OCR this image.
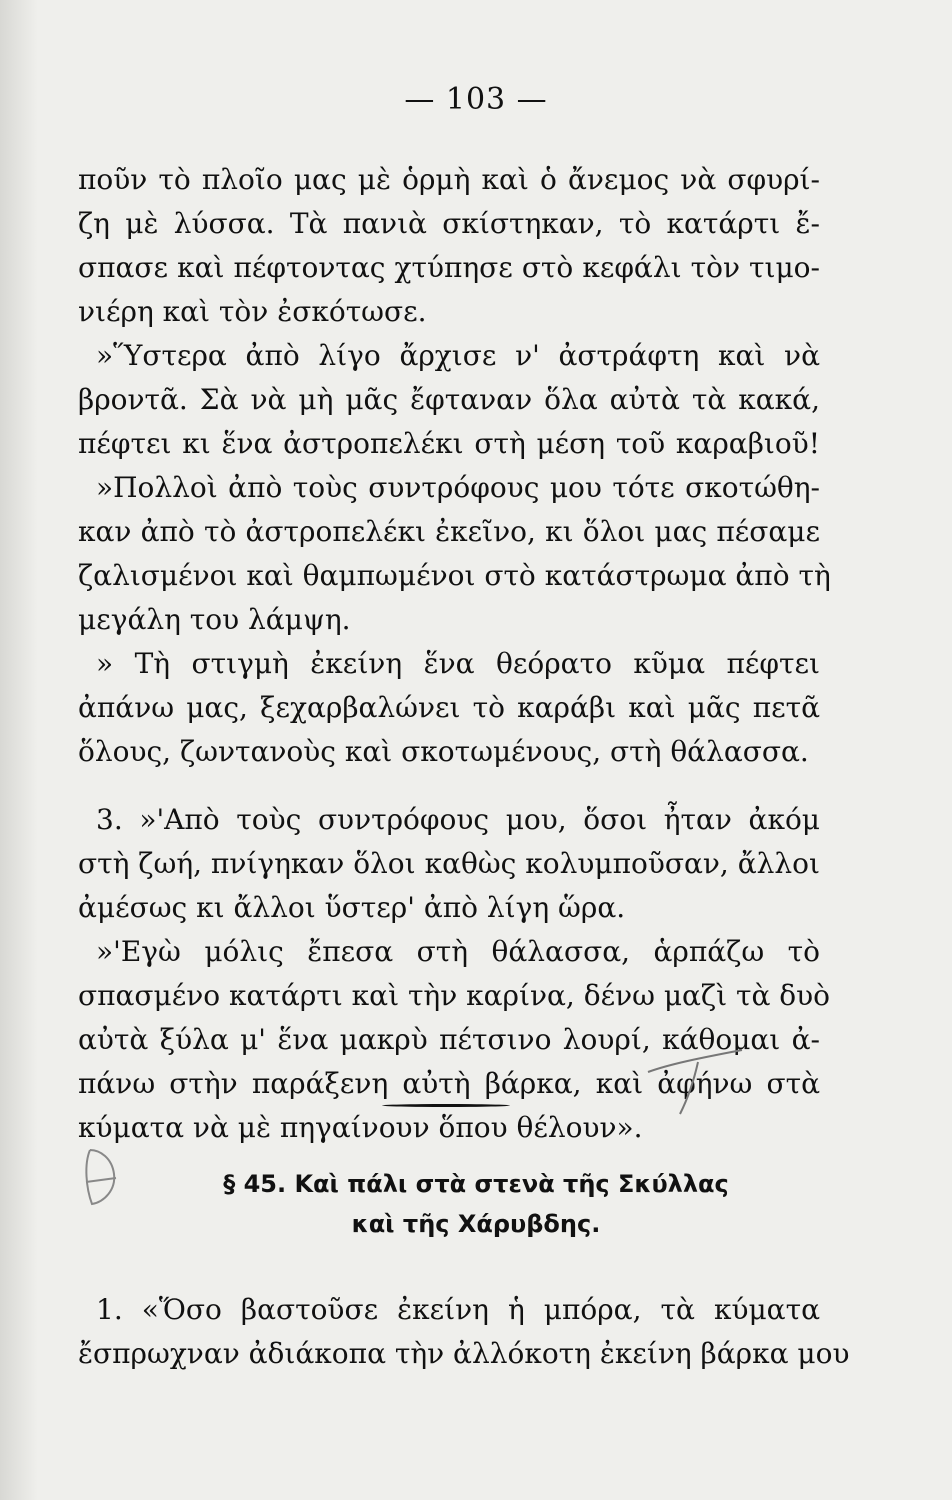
— 103 —
ποῦν τὸ πλοῖο μας μὲ ὁρμὴ καὶ ὁ ἄνεμος νὰ σφυρί-
ζη μὲ λύσσα. Τὰ πανιὰ σκίστηκαν, τὸ κατάρτι ἔ-
σπασε καὶ πέφτοντας χτύπησε στὸ κεφάλι τὸν τιμο-
νιέρη καὶ τὸν ἐσκότωσε.
»Ὕστερα ἀπὸ λίγο ἄρχισε ν' ἀστράφτη καὶ νὰ
βροντᾶ. Σὰ νὰ μὴ μᾶς ἔφταναν ὅλα αὐτὰ τὰ κακά,
πέφτει κι ἕνα ἀστροπελέκι στὴ μέση τοῦ καραβιοῦ!
»Πολλοὶ ἀπὸ τοὺς συντρόφους μου τότε σκοτώθη-
καν ἀπὸ τὸ ἀστροπελέκι ἐκεῖνο, κι ὅλοι μας πέσαμε
ζαλισμένοι καὶ θαμπωμένοι στὸ κατάστρωμα ἀπὸ τὴ
μεγάλη του λάμψη.
» Τὴ στιγμὴ ἐκείνη ἕνα θεόρατο κῦμα πέφτει
ἀπάνω μας, ξεχαρβαλώνει τὸ καράβι καὶ μᾶς πετᾶ
ὅλους, ζωντανοὺς καὶ σκοτωμένους, στὴ θάλασσα.
3. »'Απὸ τοὺς συντρόφους μου, ὅσοι ἦταν ἀκόμ
στὴ ζωή, πνίγηκαν ὅλοι καθὼς κολυμποῦσαν, ἄλλοι
ἀμέσως κι ἄλλοι ὕστερ' ἀπὸ λίγη ὥρα.
»'Εγὼ μόλις ἔπεσα στὴ θάλασσα, ἁρπάζω τὸ
σπασμένο κατάρτι καὶ τὴν καρίνα, δένω μαζὶ τὰ δυὸ
αὐτὰ ξύλα μ' ἕνα μακρὺ πέτσινο λουρί, κάθομαι ἀ-
πάνω στὴν παράξενη αὐτὴ βάρκα, καὶ ἀφήνω στὰ
κύματα νὰ μὲ πηγαίνουν ὅπου θέλουν».
§ 45. Καὶ πάλι στὰ στενὰ τῆς Σκύλλας
καὶ τῆς Χάρυβδης.
1. «Ὅσο βαστοῦσε ἐκείνη ἡ μπόρα, τὰ κύματα
ἔσπρωχναν ἀδιάκοπα τὴν ἀλλόκοτη ἐκείνη βάρκα μου
